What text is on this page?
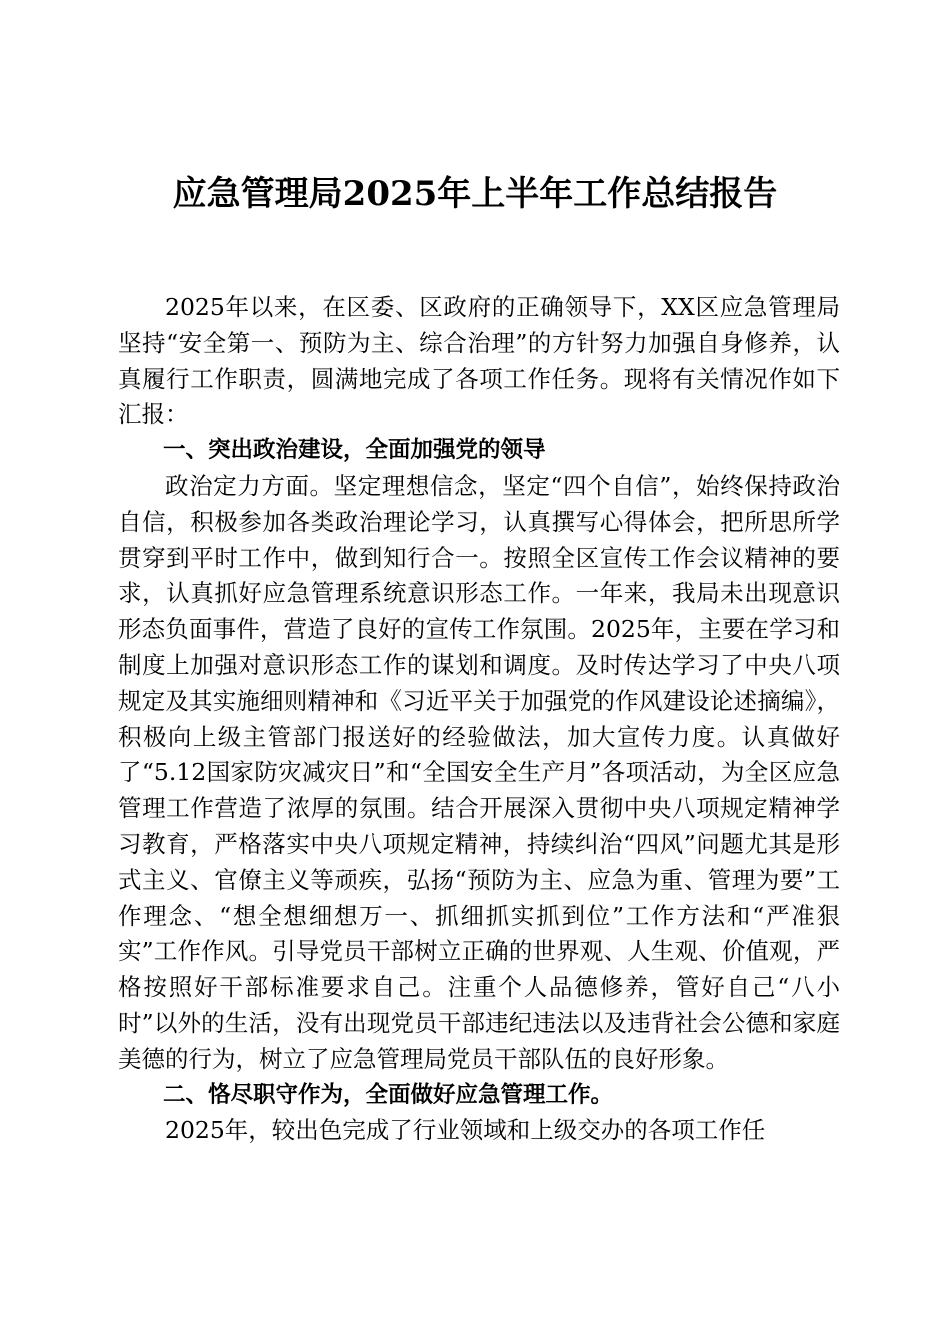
应急管理局2025年上半年工作总结报告

2025年以来，在区委、区政府的正确领导下，XX区应急管理局坚持“安全第一、预防为主、综合治理”的方针努力加强自身修养，认真履行工作职责，圆满地完成了各项工作任务。现将有关情况作如下汇报：

一、突出政治建设，全面加强党的领导

政治定力方面。坚定理想信念，坚定“四个自信”，始终保持政治自信，积极参加各类政治理论学习，认真撰写心得体会，把所思所学贯穿到平时工作中，做到知行合一。按照全区宣传工作会议精神的要求，认真抓好应急管理系统意识形态工作。一年来，我局未出现意识形态负面事件，营造了良好的宣传工作氛围。2025年，主要在学习和制度上加强对意识形态工作的谋划和调度。及时传达学习了中央八项规定及其实施细则精神和《习近平关于加强党的作风建设论述摘编》，积极向上级主管部门报送好的经验做法，加大宣传力度。认真做好了“5.12国家防灾减灾日”和“全国安全生产月”各项活动，为全区应急管理工作营造了浓厚的氛围。结合开展深入贯彻中央八项规定精神学习教育，严格落实中央八项规定精神，持续纠治“四风”问题尤其是形式主义、官僚主义等顽疾，弘扬“预防为主、应急为重、管理为要”工作理念、“想全想细想万一、抓细抓实抓到位”工作方法和“严准狠实”工作作风。引导党员干部树立正确的世界观、人生观、价值观，严格按照好干部标准要求自己。注重个人品德修养，管好自己“八小时”以外的生活，没有出现党员干部违纪违法以及违背社会公德和家庭美德的行为，树立了应急管理局党员干部队伍的良好形象。

二、恪尽职守作为，全面做好应急管理工作。

2025年，较出色完成了行业领域和上级交办的各项工作任
